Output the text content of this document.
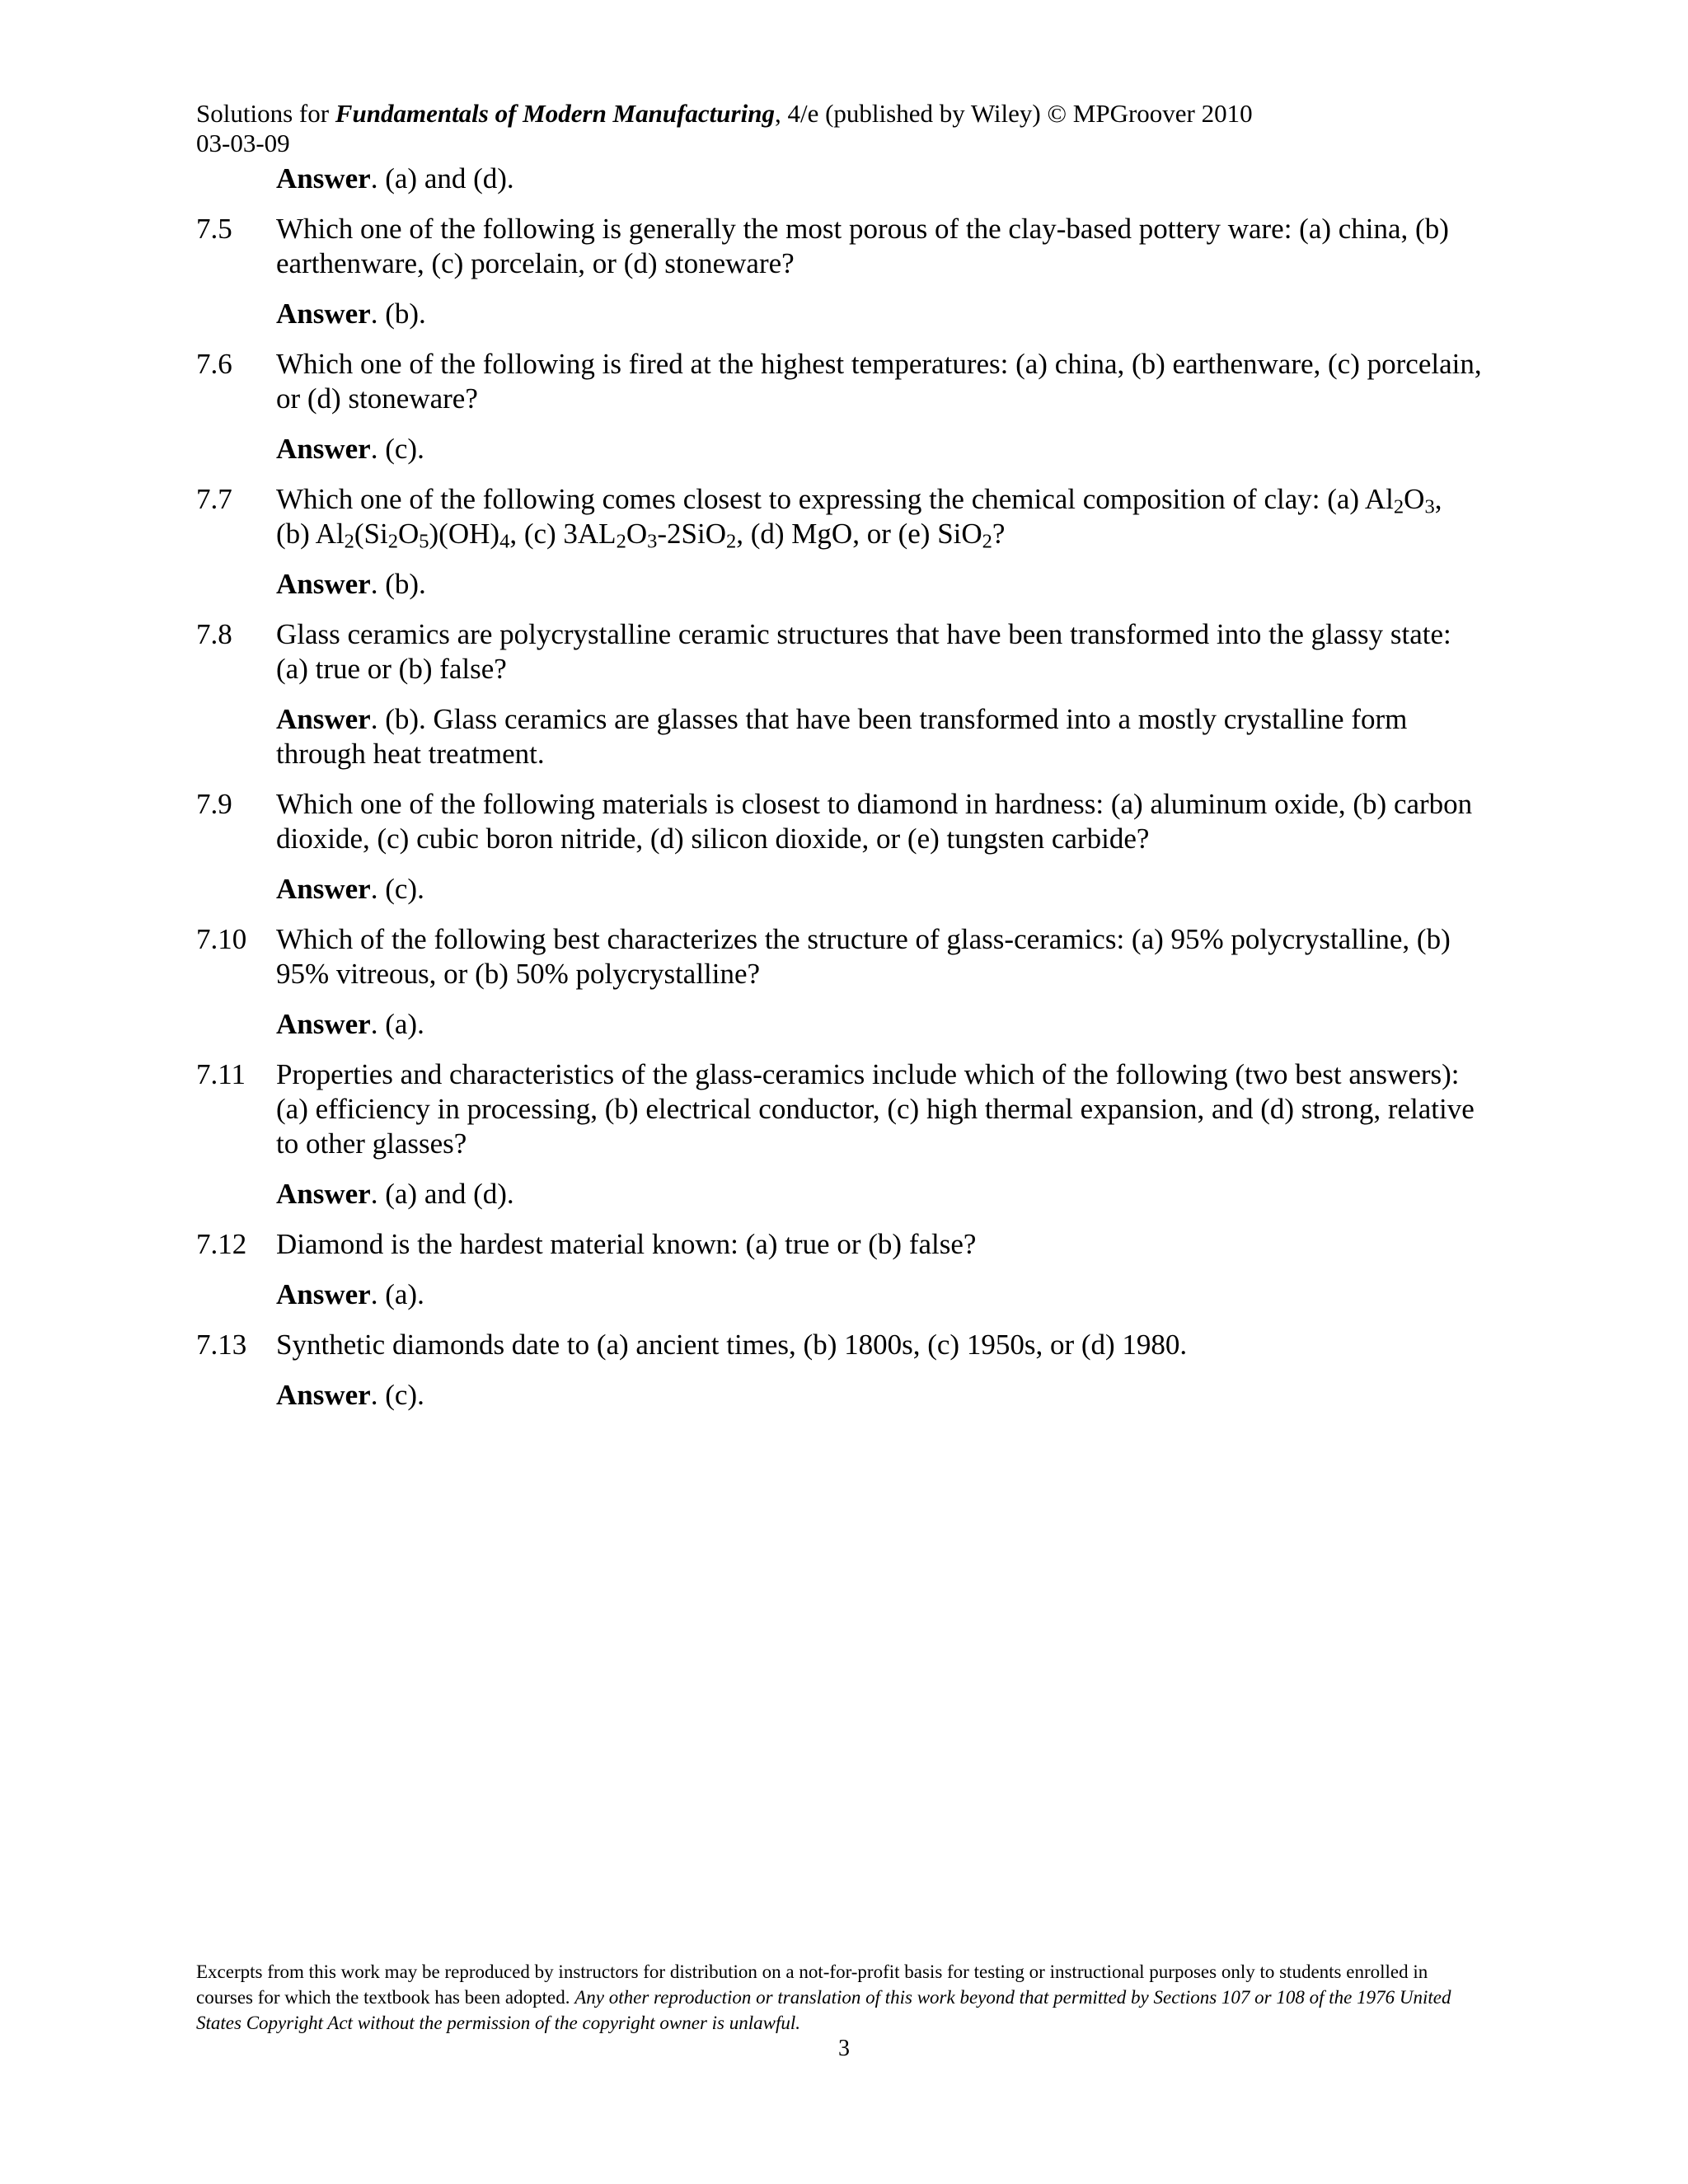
Solutions for Fundamentals of Modern Manufacturing, 4/e (published by Wiley) © MPGroover 2010
03-03-09
Answer. (a) and (d).
7.5	Which one of the following is generally the most porous of the clay-based pottery ware: (a) china, (b) earthenware, (c) porcelain, or (d) stoneware?

Answer. (b).

7.6	Which one of the following is fired at the highest temperatures: (a) china, (b) earthenware, (c) porcelain, or (d) stoneware?

Answer. (c).

7.7	Which one of the following comes closest to expressing the chemical composition of clay: (a) $Al_2O_3$, (b) $Al_2(Si_2O_5)(OH)_4$, (c) $3AL_2O_3-2SiO_2$, (d) MgO, or (e) SiO$_2$?

Answer. (b).

7.8	Glass ceramics are polycrystalline ceramic structures that have been transformed into the glassy state: (a) true or (b) false?

Answer. (b). Glass ceramics are glasses that have been transformed into a mostly crystalline form through heat treatment.

7.9	Which one of the following materials is closest to diamond in hardness: (a) aluminum oxide, (b) carbon dioxide, (c) cubic boron nitride, (d) silicon dioxide, or (e) tungsten carbide?

Answer. (c).

7.10	Which of the following best characterizes the structure of glass-ceramics: (a) 95% polycrystalline, (b) 95% vitreous, or (b) 50% polycrystalline?

Answer. (a).

7.11	Properties and characteristics of the glass-ceramics include which of the following (two best answers): (a) efficiency in processing, (b) electrical conductor, (c) high thermal expansion, and (d) strong, relative to other glasses?

Answer. (a) and (d).

7.12	Diamond is the hardest material known: (a) true or (b) false?

Answer. (a).

7.13	Synthetic diamonds date to (a) ancient times, (b) 1800s, (c) 1950s, or (d) 1980.

Answer. (c).

Excerpts from this work may be reproduced by instructors for distribution on a not-for-profit basis for testing or instructional purposes only to students enrolled in courses for which the textbook has been adopted. Any other reproduction or translation of this work beyond that permitted by Sections 107 or 108 of the 1976 United States Copyright Act without the permission of the copyright owner is unlawful.
3
